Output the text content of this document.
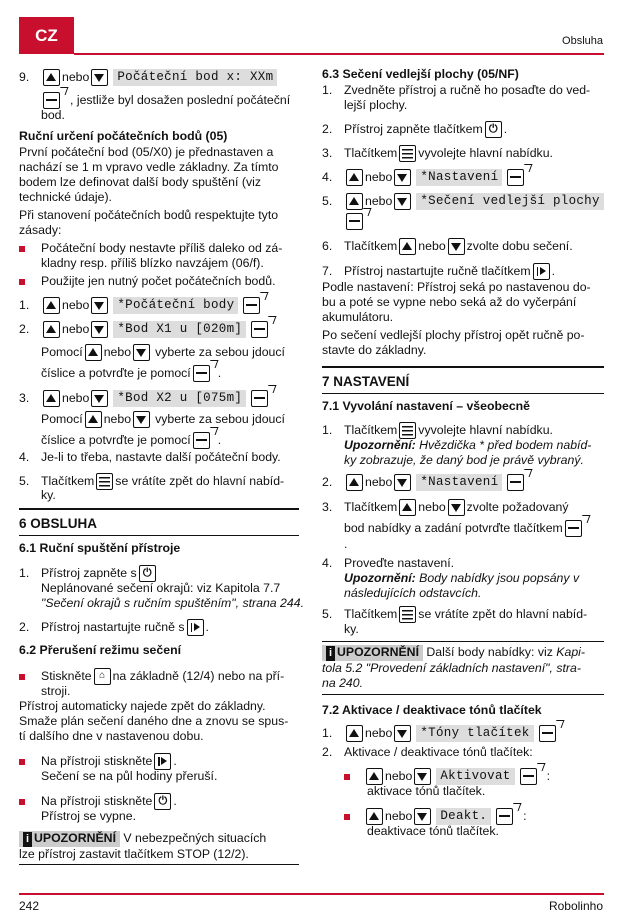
CZ	Obsluha
9.	nebo	Počáteční bod x: XXm
, jestliže byl dosažen poslední počáteční
bod.
Ruční určení počátečních bodů (05)
První počáteční bod (05/X0) je přednastaven a
nachází se 1 m vpravo vedle základny. Za tímto
bodem lze definovat další body spuštění (viz
technické údaje).
Při stanovení počátečních bodů respektujte tyto
zásady:
Počáteční body nestavte příliš daleko od zá-
kladny resp. příliš blízko navzájem (06/f).
Použijte jen nutný počet počátečních bodů.
1.	nebo	*Počáteční body
2.	nebo	*Bod X1 u [020m]
Pomocí nebo vyberte za sebou jdoucí
číslice a potvrďte je pomocí .
3.	nebo	*Bod X2 u [075m]
Pomocí nebo vyberte za sebou jdoucí
číslice a potvrďte je pomocí .
4. Je-li to třeba, nastavte další počáteční body.
5. Tlačítkem se vrátíte zpět do hlavní nabíd-
ky.
6 OBSLUHA
6.1 Ruční spuštění přístroje
1. Přístroj zapněte s ⏻
Neplánované sečení okrajů: viz Kapitola 7.7
"Sečení okrajů s ručním spuštěním", strana 244.
2. Přístroj nastartujte ručně s .
6.2 Přerušení režimu sečení
Stiskněte ⌂ na základně (12/4) nebo na pří-
stroji.
Přístroj automaticky najede zpět do základny.
Smaže plán sečení daného dne a znovu se spus-
tí dalšího dne v nastavenou dobu.
Na přístroji stiskněte .
Sečení se na půl hodiny přeruší.
Na přístroji stiskněte ⏻ .
Přístroj se vypne.
i UPOZORNĚNÍ V nebezpečných situacích
lze přístroj zastavit tlačítkem STOP (12/2).
6.3 Sečení vedlejší plochy (05/NF)
1. Zvedněte přístroj a ručně ho posaďte do ved-
lejší plochy.
2. Přístroj zapněte tlačítkem ⏻ .
3. Tlačítkem vyvolejte hlavní nabídku.
4.	nebo	*Nastavení
5.	nebo	*Sečení vedlejší plochy
6. Tlačítkem nebo zvolte dobu sečení.
7. Přístroj nastartujte ručně tlačítkem .
Podle nastavení: Přístroj seká po nastavenou do-
bu a poté se vypne nebo seká až do vyčerpání
akumulátoru.
Po sečení vedlejší plochy přístroj opět ručně po-
stavte do základny.
7 NASTAVENÍ
7.1 Vyvolání nastavení – všeobecně
1. Tlačítkem vyvolejte hlavní nabídku.
Upozornění: Hvězdička * před bodem nabíd-
ky zobrazuje, že daný bod je právě vybraný.
2.	nebo	*Nastavení
3. Tlačítkem nebo zvolte požadovaný
bod nabídky a zadání potvrďte tlačítkem
.
4. Proveďte nastavení.
Upozornění: Body nabídky jsou popsány v
následujících odstavcích.
5. Tlačítkem se vrátíte zpět do hlavní nabíd-
ky.
i UPOZORNĚNÍ Další body nabídky: viz Kapi-
tola 5.2 "Provedení základních nastavení", stra-
na 240.
7.2 Aktivace / deaktivace tónů tlačítek
1.	nebo	*Tóny tlačítek
2. Aktivace / deaktivace tónů tlačítek:
nebo	Aktivovat	:
aktivace tónů tlačítek.
nebo	Deakt.	:
deaktivace tónů tlačítek.
242	Robolinho
